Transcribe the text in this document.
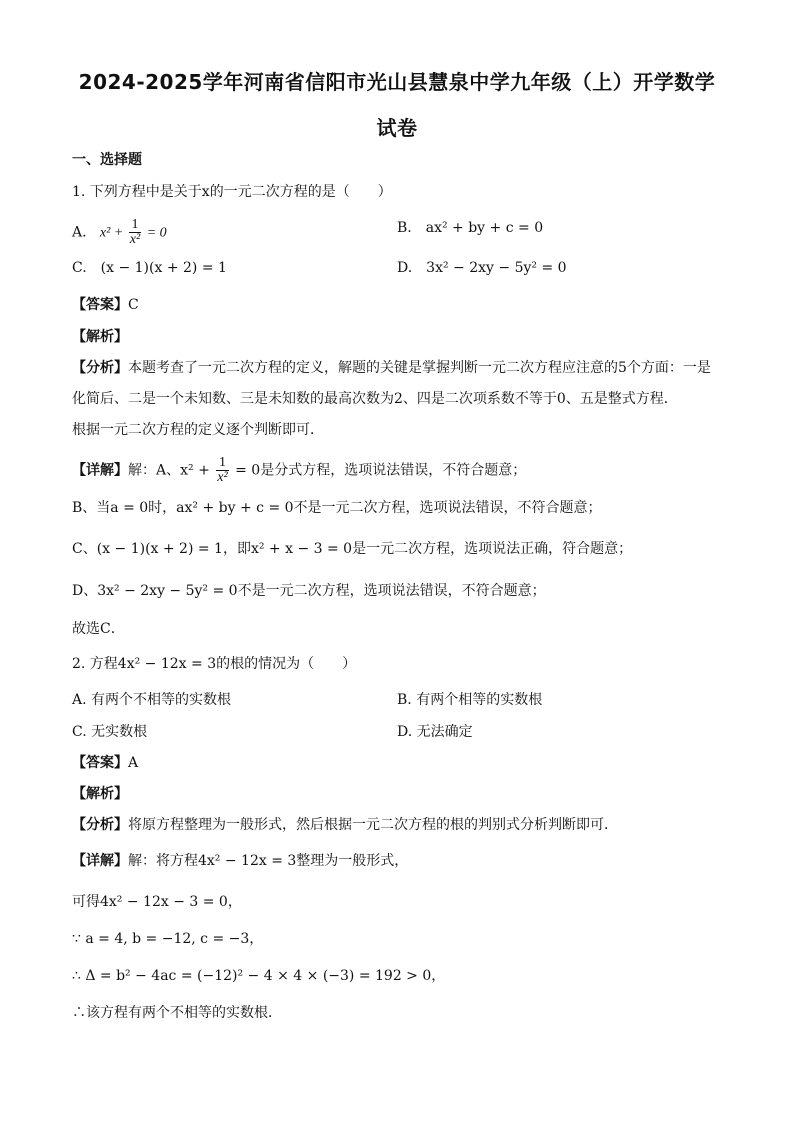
2024-2025学年河南省信阳市光山县慧泉中学九年级（上）开学数学
试卷
一、选择题
1. 下列方程中是关于x的一元二次方程的是（　　）
A. $x^2 + \frac{1}{\text{x²}} = 0$	B.　ax² + by + c = 0
C.　(x − 1)(x + 2) = 1	D.　3x² − 2xy − 5y² = 0
【答案】C
【解析】
【分析】本题考查了一元二次方程的定义，解题的关键是掌握判断一元二次方程应注意的5个方面：一是
化简后、二是一个未知数、三是未知数的最高次数为2、四是二次项系数不等于0、五是整式方程．
根据一元二次方程的定义逐个判断即可．
【详解】解：A、$x^2 + \frac{1}{\text{x²}} = 0$是分式方程，选项说法错误，不符合题意；
B、当a = 0时，ax² + by + c = 0不是一元二次方程，选项说法错误，不符合题意；
C、(x − 1)(x + 2) = 1，即x² + x − 3 = 0是一元二次方程，选项说法正确，符合题意；
D、3x² − 2xy − 5y² = 0不是一元二次方程，选项说法错误，不符合题意；
故选C．
2. 方程4x² − 12x = 3的根的情况为（　　）
A. 有两个不相等的实数根	B. 有两个相等的实数根
C. 无实数根	D. 无法确定
【答案】A
【解析】
【分析】将原方程整理为一般形式，然后根据一元二次方程的根的判别式分析判断即可．
【详解】解：将方程4x² − 12x = 3整理为一般形式，
可得4x² − 12x − 3 = 0，
∵ a = 4, b = −12, c = −3，
∴ Δ = b² − 4ac = (−12)² − 4 × 4 × (−3) = 192 > 0，
∴该方程有两个不相等的实数根．
